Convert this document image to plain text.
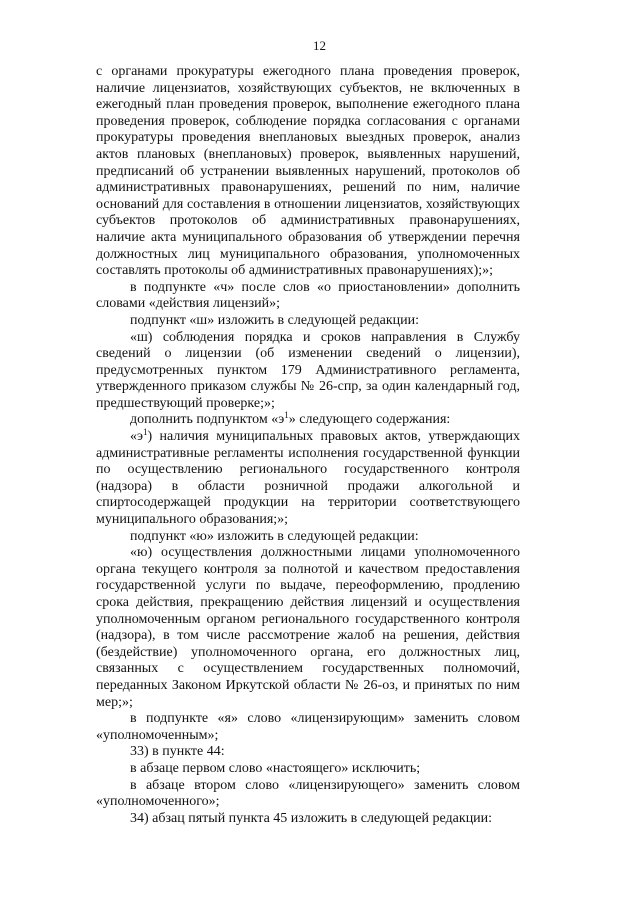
12

с органами прокуратуры ежегодного плана проведения проверок, наличие лицензиатов, хозяйствующих субъектов, не включенных в ежегодный план проведения проверок, выполнение ежегодного плана проведения проверок, соблюдение порядка согласования с органами прокуратуры проведения внеплановых выездных проверок, анализ актов плановых (внеплановых) проверок, выявленных нарушений, предписаний об устранении выявленных нарушений, протоколов об административных правонарушениях, решений по ним, наличие оснований для составления в отношении лицензиатов, хозяйствующих субъектов протоколов об административных правонарушениях, наличие акта муниципального образования об утверждении перечня должностных лиц муниципального образования, уполномоченных составлять протоколы об административных правонарушениях);»;

в подпункте «ч» после слов «о приостановлении» дополнить словами «действия лицензий»;

подпункт «ш» изложить в следующей редакции:

«ш) соблюдения порядка и сроков направления в Службу сведений о лицензии (об изменении сведений о лицензии), предусмотренных пунктом 179 Административного регламента, утвержденного приказом службы № 26-спр, за один календарный год, предшествующий проверке;»;

дополнить подпунктом «$э^1$» следующего содержания:

«$э^1$) наличия муниципальных правовых актов, утверждающих административные регламенты исполнения государственной функции по осуществлению регионального государственного контроля (надзора) в области розничной продажи алкогольной и спиртосодержащей продукции на территории соответствующего муниципального образования;»;

подпункт «ю» изложить в следующей редакции:

«ю) осуществления должностными лицами уполномоченного органа текущего контроля за полнотой и качеством предоставления государственной услуги по выдаче, переоформлению, продлению срока действия, прекращению действия лицензий и осуществления уполномоченным органом регионального государственного контроля (надзора), в том числе рассмотрение жалоб на решения, действия (бездействие) уполномоченного органа, его должностных лиц, связанных с осуществлением государственных полномочий, переданных Законом Иркутской области № 26-оз, и принятых по ним мер;»;

в подпункте «я» слово «лицензирующим» заменить словом «уполномоченным»;

33) в пункте 44:

в абзаце первом слово «настоящего» исключить;

в абзаце втором слово «лицензирующего» заменить словом «уполномоченного»;

34) абзац пятый пункта 45 изложить в следующей редакции:
